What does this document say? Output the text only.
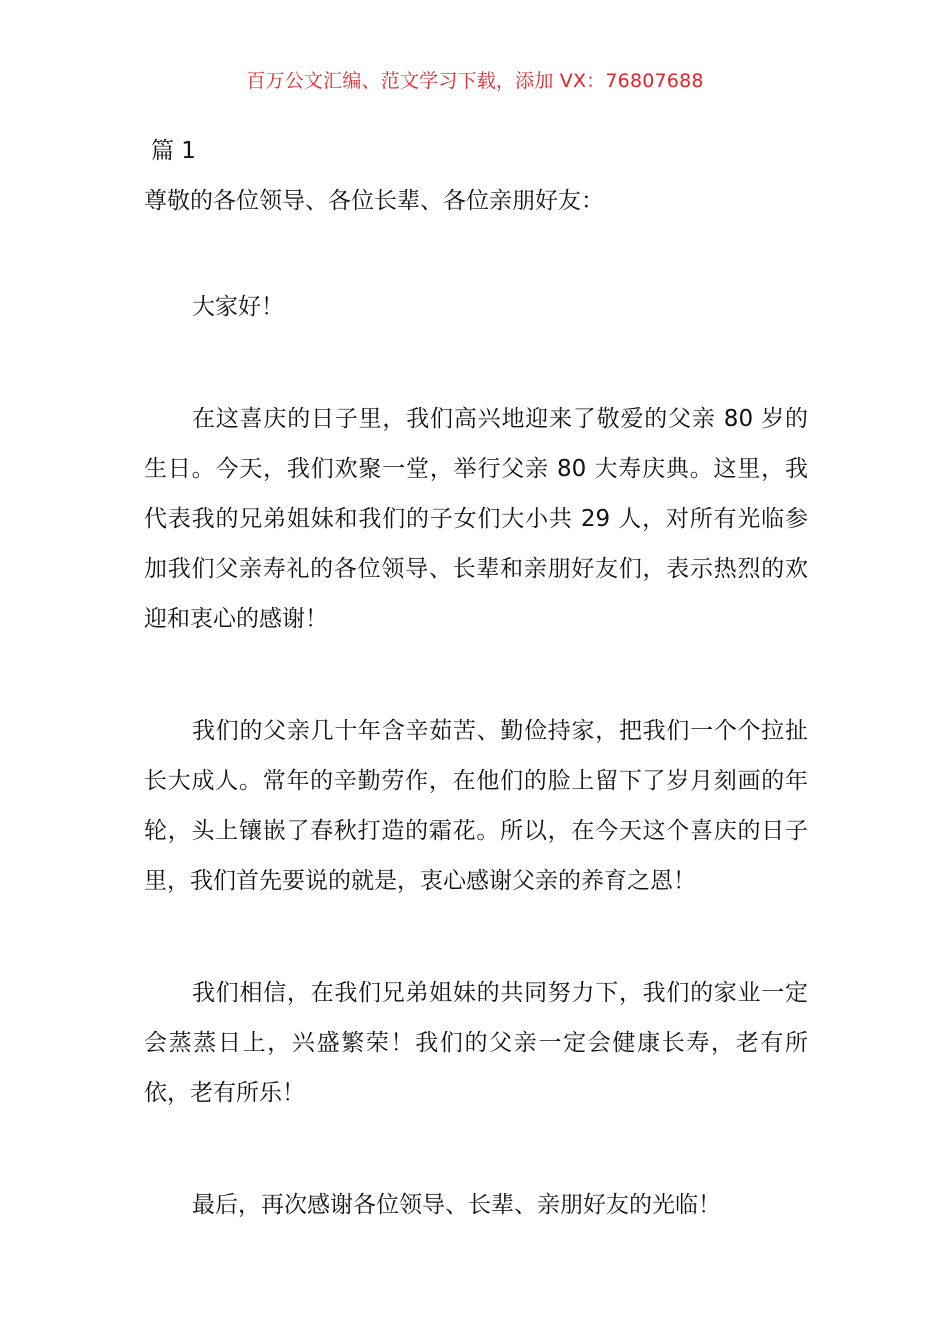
百万公文汇编、范文学习下载，添加 VX：76807688
篇 1

尊敬的各位领导、各位长辈、各位亲朋好友：

大家好！

在这喜庆的日子里，我们高兴地迎来了敬爱的父亲 80 岁的生日。今天，我们欢聚一堂，举行父亲 80 大寿庆典。这里，我代表我的兄弟姐妹和我们的子女们大小共 29 人，对所有光临参加我们父亲寿礼的各位领导、长辈和亲朋好友们，表示热烈的欢迎和衷心的感谢！

我们的父亲几十年含辛茹苦、勤俭持家，把我们一个个拉扯长大成人。常年的辛勤劳作，在他们的脸上留下了岁月刻画的年轮，头上镶嵌了春秋打造的霜花。所以，在今天这个喜庆的日子里，我们首先要说的就是，衷心感谢父亲的养育之恩！

我们相信，在我们兄弟姐妹的共同努力下，我们的家业一定会蒸蒸日上，兴盛繁荣！我们的父亲一定会健康长寿，老有所依，老有所乐！

最后，再次感谢各位领导、长辈、亲朋好友的光临！
